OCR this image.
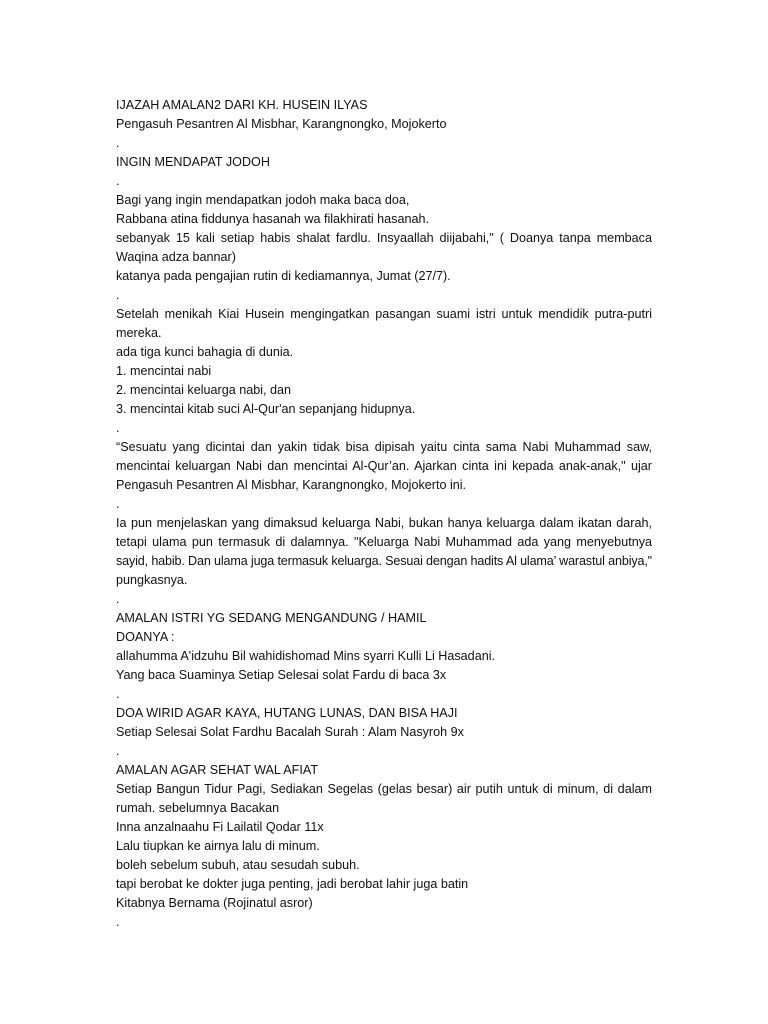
IJAZAH AMALAN2 DARI KH. HUSEIN ILYAS
Pengasuh Pesantren Al Misbhar, Karangnongko, Mojokerto
.
INGIN MENDAPAT JODOH
.
Bagi yang ingin mendapatkan jodoh maka baca doa,
Rabbana atina fiddunya hasanah wa filakhirati hasanah.
sebanyak 15 kali setiap habis shalat fardlu. Insyaallah diijabahi," ( Doanya tanpa membaca
Waqina adza bannar)
katanya pada pengajian rutin di kediamannya, Jumat (27/7).
.
Setelah menikah Kiai Husein mengingatkan pasangan suami istri untuk mendidik putra-putri
mereka.
ada tiga kunci bahagia di dunia.
1. mencintai nabi
2. mencintai keluarga nabi, dan
3. mencintai kitab suci Al-Qur'an sepanjang hidupnya.
.
“Sesuatu yang dicintai dan yakin tidak bisa dipisah yaitu cinta sama Nabi Muhammad saw,
mencintai keluargan Nabi dan mencintai Al-Qur’an. Ajarkan cinta ini kepada anak-anak," ujar
Pengasuh Pesantren Al Misbhar, Karangnongko, Mojokerto ini.
.
Ia pun menjelaskan yang dimaksud keluarga Nabi, bukan hanya keluarga dalam ikatan darah,
tetapi ulama pun termasuk di dalamnya. "Keluarga Nabi Muhammad ada yang menyebutnya
sayid, habib. Dan ulama juga termasuk keluarga. Sesuai dengan hadits Al ulama’ warastul anbiya,"
pungkasnya.
.
AMALAN ISTRI YG SEDANG MENGANDUNG / HAMIL
DOANYA :
allahumma A'idzuhu Bil wahidishomad Mins syarri Kulli Li Hasadani.
Yang baca Suaminya Setiap Selesai solat Fardu di baca 3x
.
DOA WIRID AGAR KAYA, HUTANG LUNAS, DAN BISA HAJI
Setiap Selesai Solat Fardhu Bacalah Surah : Alam Nasyroh 9x
.
AMALAN AGAR SEHAT WAL AFIAT
Setiap Bangun Tidur Pagi, Sediakan Segelas (gelas besar) air putih untuk di minum, di dalam
rumah. sebelumnya Bacakan
Inna anzalnaahu Fi Lailatil Qodar 11x
Lalu tiupkan ke airnya lalu di minum.
boleh sebelum subuh, atau sesudah subuh.
tapi berobat ke dokter juga penting, jadi berobat lahir juga batin
Kitabnya Bernama (Rojinatul asror)
.
